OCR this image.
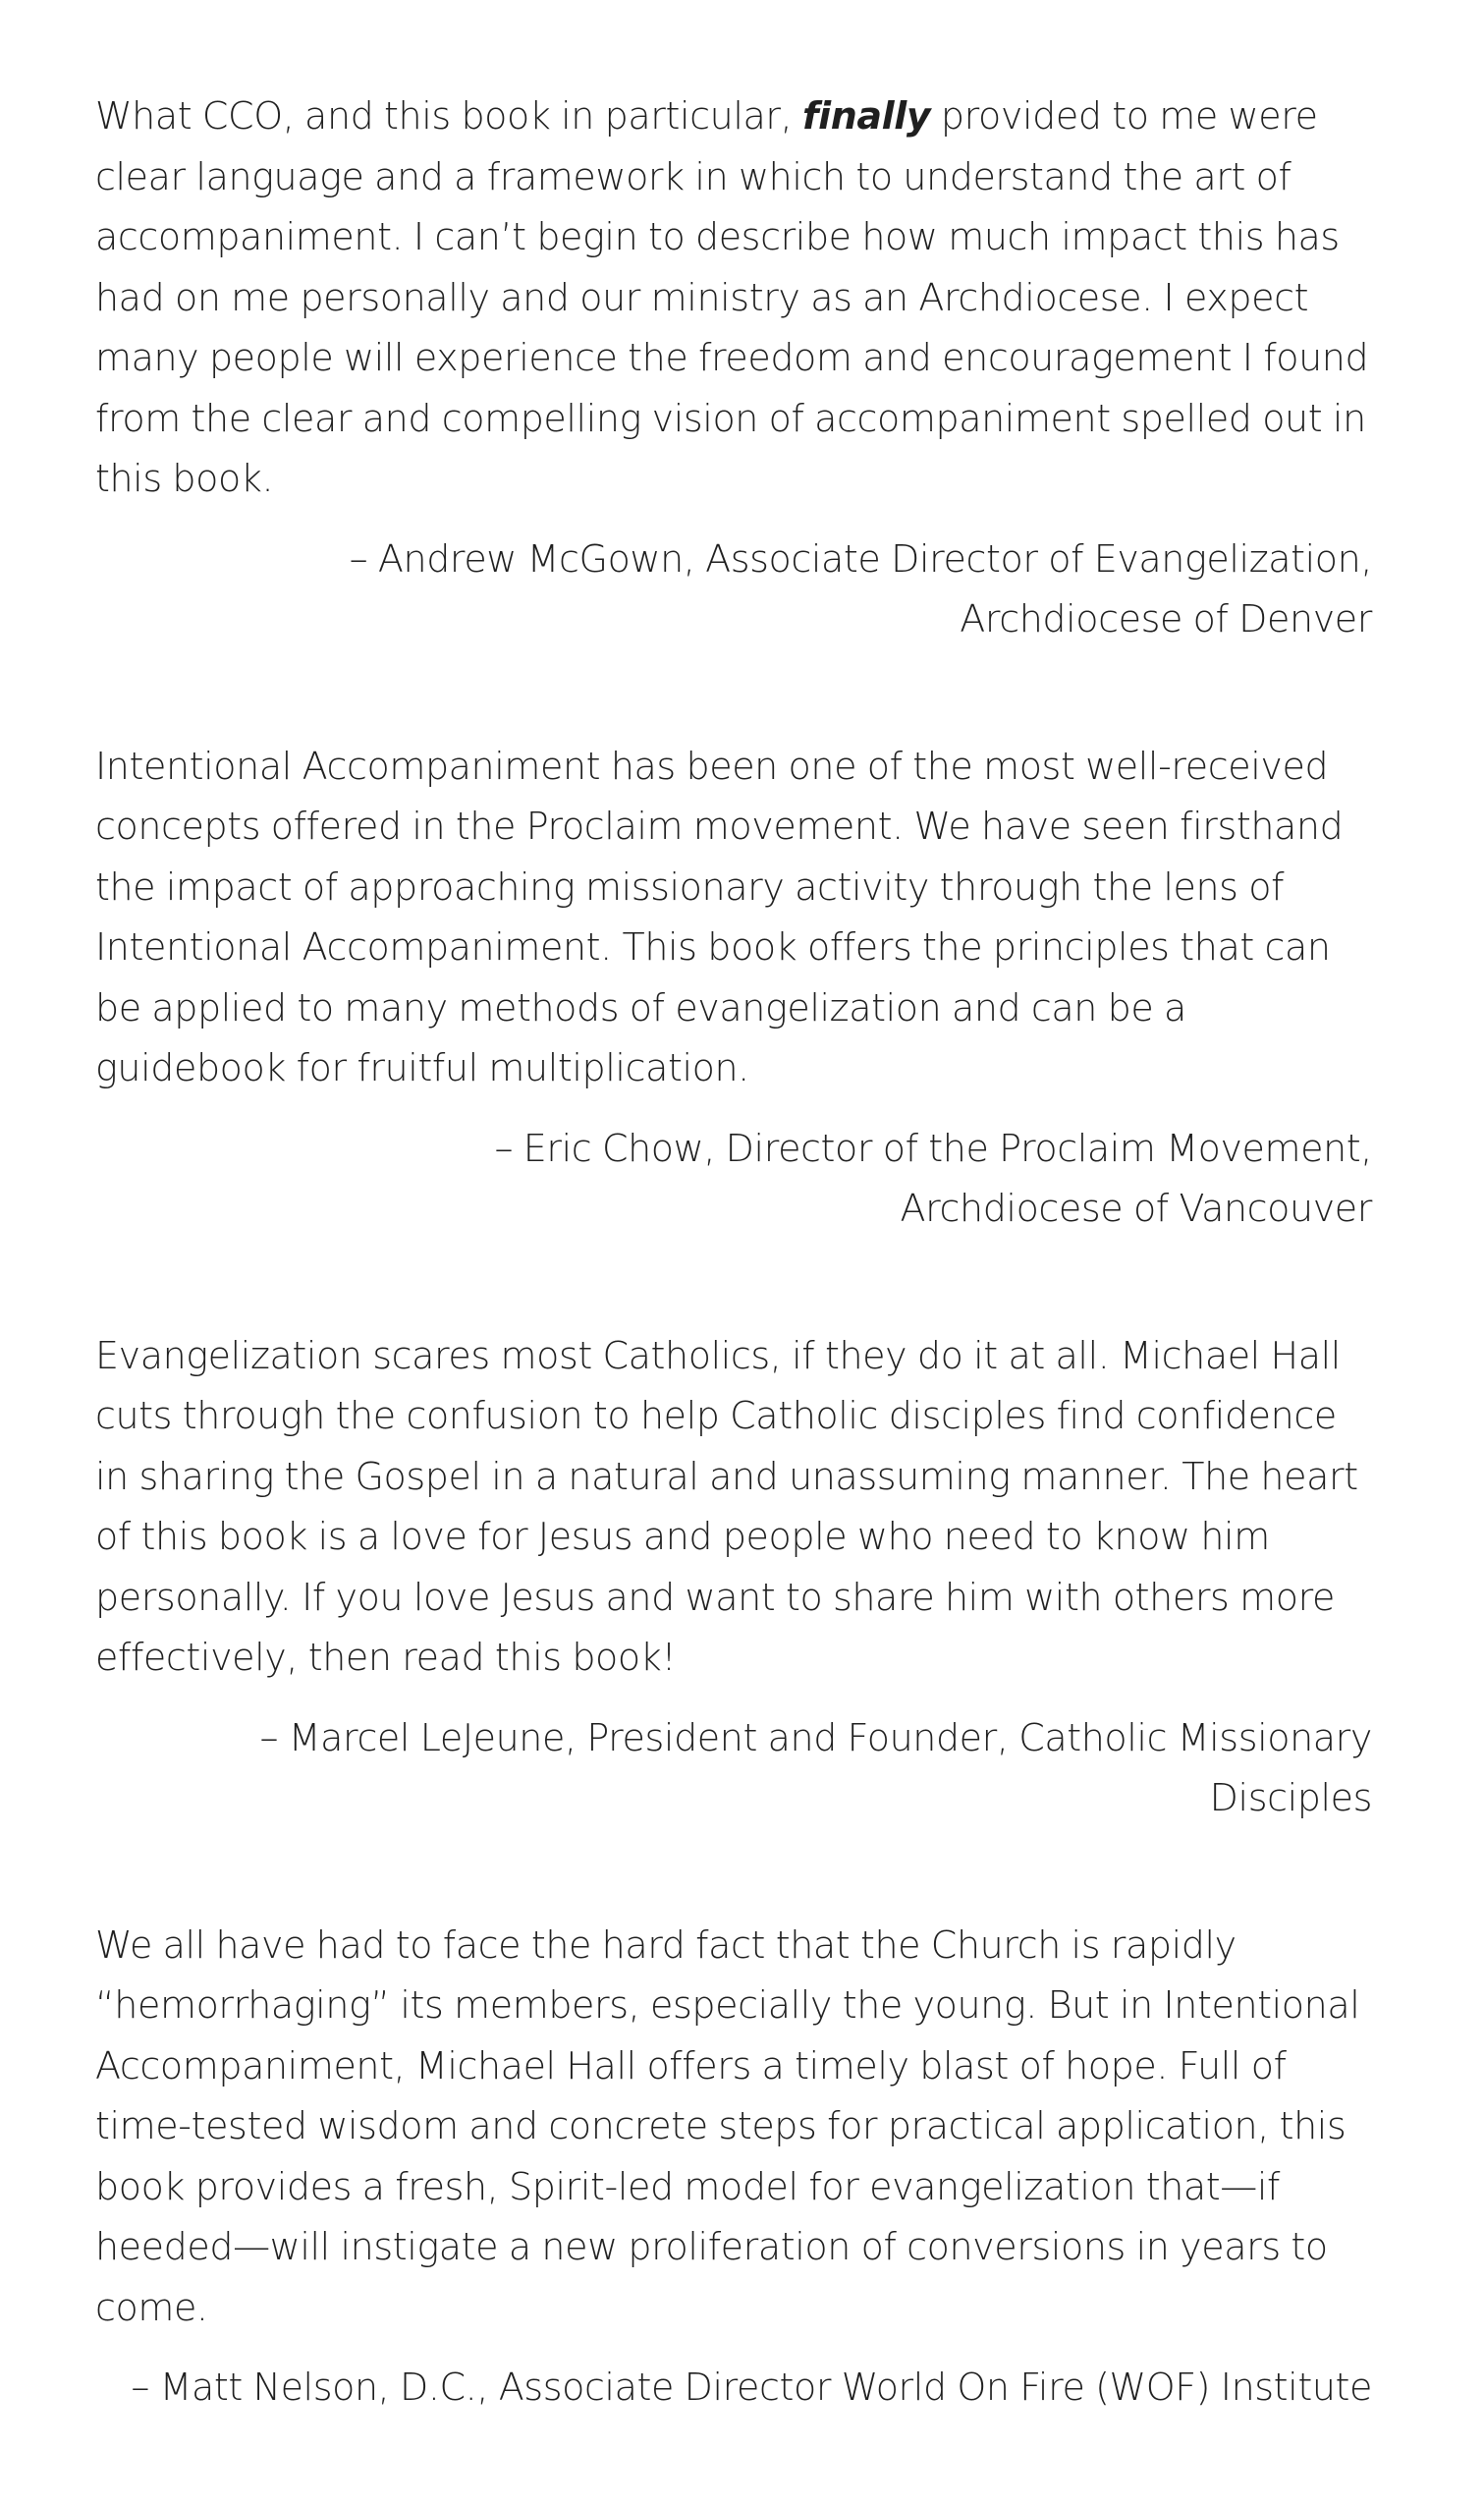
What CCO, and this book in particular, finally provided to me were clear language and a framework in which to understand the art of accompaniment. I can’t begin to describe how much impact this has had on me personally and our ministry as an Archdiocese. I expect many people will experience the freedom and encouragement I found from the clear and compelling vision of accompaniment spelled out in this book.

– Andrew McGown, Associate Director of Evangelization,
Archdiocese of Denver

Intentional Accompaniment has been one of the most well-received concepts offered in the Proclaim movement. We have seen firsthand the impact of approaching missionary activity through the lens of Intentional Accompaniment. This book offers the principles that can be applied to many methods of evangelization and can be a guidebook for fruitful multiplication.

– Eric Chow, Director of the Proclaim Movement,
Archdiocese of Vancouver

Evangelization scares most Catholics, if they do it at all. Michael Hall cuts through the confusion to help Catholic disciples find confidence in sharing the Gospel in a natural and unassuming manner. The heart of this book is a love for Jesus and people who need to know him personally. If you love Jesus and want to share him with others more effectively, then read this book!

– Marcel LeJeune, President and Founder, Catholic Missionary Disciples

We all have had to face the hard fact that the Church is rapidly “hemorrhaging” its members, especially the young. But in Intentional Accompaniment, Michael Hall offers a timely blast of hope. Full of time-tested wisdom and concrete steps for practical application, this book provides a fresh, Spirit-led model for evangelization that—if heeded—will instigate a new proliferation of conversions in years to come.

– Matt Nelson, D.C., Associate Director World On Fire (WOF) Institute
